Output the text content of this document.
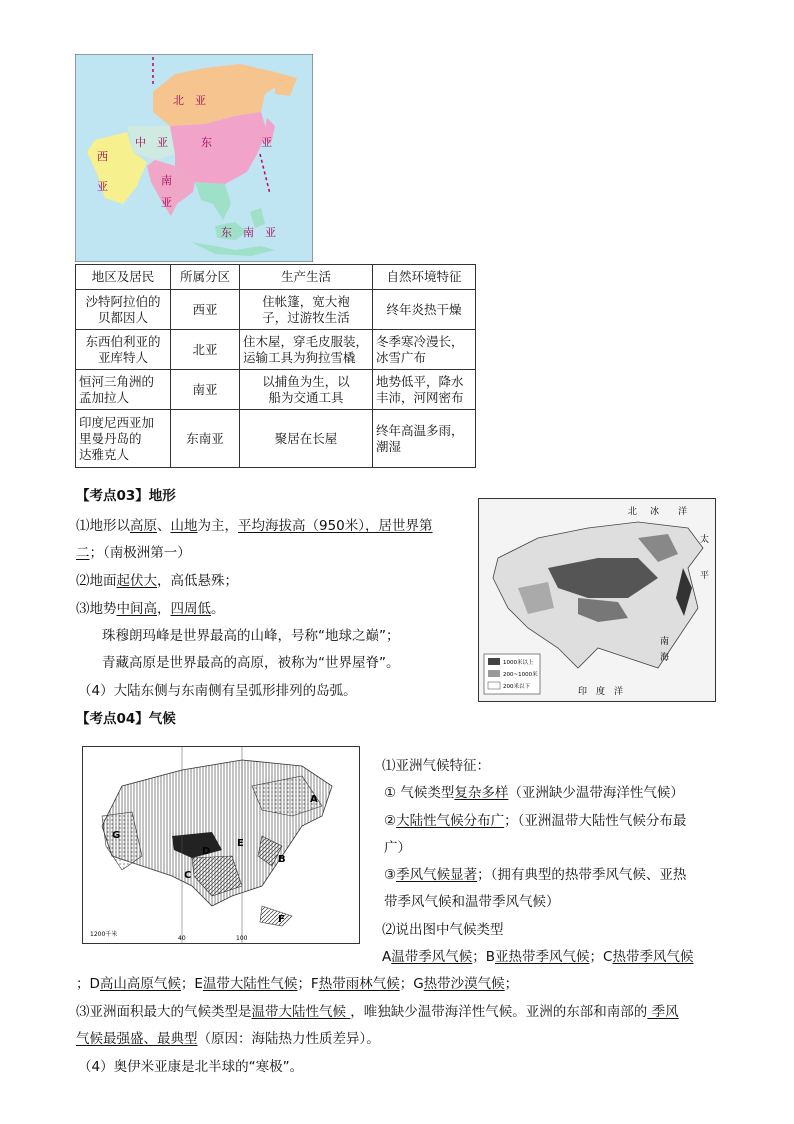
北　亚
中　亚	东	亚
西
亚	南
亚
东　南　亚
地区及居民	所属分区	生产生活	自然环境特征
沙特阿拉伯的
贝都因人	西亚	住帐篷，宽大袍
子，过游牧生活	终年炎热干燥
东西伯利亚的
亚库特人	北亚	住木屋，穿毛皮服装，
运输工具为狗拉雪橇	冬季寒冷漫长，
冰雪广布
恒河三角洲的
孟加拉人	南亚	以捕鱼为生，以
船为交通工具	地势低平，降水
丰沛，河网密布
印度尼西亚加
里曼丹岛的
达雅克人	东南亚	聚居在长屋	终年高温多雨，
潮湿
【考点03】地形
⑴地形以高原、山地为主，平均海拔高（950米），居世界第
二；（南极洲第一）
⑵地面起伏大，高低悬殊；
⑶地势中间高，四周低。
珠穆朗玛峰是世界最高的山峰，号称“地球之巅”；
青藏高原是世界最高的高原，被称为“世界屋脊”。
（4）大陆东侧与东南侧有呈弧形排列的岛弧。
北 冰 洋
太
平
南
海
印　度　洋
1000米以上
200~1000米
200米以下
【考点04】气候
G
E
D
B
A
C
F
1200千米
40	100
⑴亚洲气候特征：
① 气候类型复杂多样（亚洲缺少温带海洋性气候）
②大陆性气候分布广；（亚洲温带大陆性气候分布最
广）
③季风气候显著；（拥有典型的热带季风气候、亚热
带季风气候和温带季风气候）
⑵说出图中气候类型
A温带季风气候；B亚热带季风气候；C热带季风气候
；D高山高原气候；E温带大陆性气候；F热带雨林气候；G热带沙漠气候；
⑶亚洲面积最大的气候类型是温带大陆性气候 ，唯独缺少温带海洋性气候。亚洲的东部和南部的 季风
气候最强盛、最典型（原因：海陆热力性质差异）。
（4）奥伊米亚康是北半球的“寒极”。
